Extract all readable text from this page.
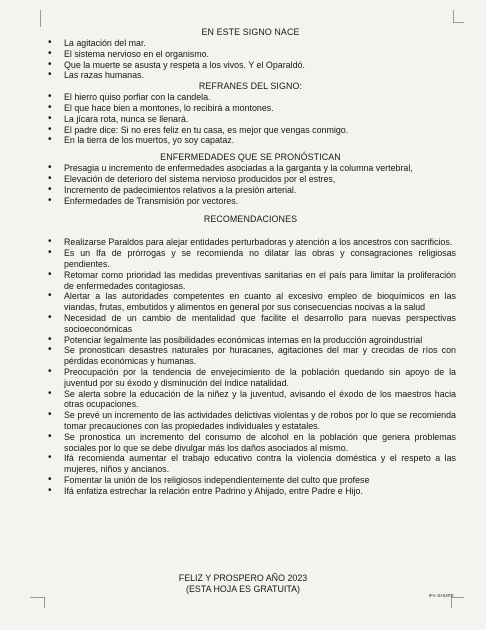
EN ESTE SIGNO NACE
• La agitación del mar.
• El sistema nervioso en el organismo.
• Que la muerte se asusta y respeta a los vivos. Y el Oparaldó.
• Las razas humanas.
REFRANES DEL SIGNO:
• El hierro quiso porfiar con la candela.
• El que hace bien a montones, lo recibirá a montones.
• La jícara rota, nunca se llenará.
• El padre dice: Si no eres feliz en tu casa, es mejor que vengas conmigo.
• En la tierra de los muertos, yo soy capataz.
ENFERMEDADES QUE SE PRONÓSTICAN
• Presagia u incremento de enfermedades asociadas a la garganta y la columna vertebral,
• Elevación de deterioro del sistema nervioso producidos por el estres,
• Incremento de padecimientos relativos a la presión arterial.
• Enfermedades de Transmisión por vectores.
RECOMENDACIONES
• Realizarse Paraldos para alejar entidades perturbadoras y atención a los ancestros con sacrificios.
• Es un Ifa de prórrogas y se recomienda no dilatar las obras y consagraciones religiosas pendientes.
• Retomar como prioridad las medidas preventivas sanitarias en el país para limitar la proliferación de enfermedades contagiosas.
• Alertar a las autoridades competentes en cuanto al excesivo empleo de bioquímicos en las viandas, frutas, embutidos y alimentos en general por sus consecuencias nocivas a la salud
• Necesidad de un cambio de mentalidad que facilite el desarrollo para nuevas perspectivas socioeconómicas
• Potenciar legalmente las posibilidades económicas internas en la producción agroindustrial
• Se pronostican desastres naturales por huracanes, agitaciones del mar y crecidas de ríos con pérdidas económicas y humanas.
• Preocupación por la tendencia de envejecimiento de la población quedando sin apoyo de la juventud por su éxodo y disminución del índice natalidad.
• Se alerta sobre la educación de la niñez y la juventud, avisando el éxodo de los maestros hacia otras ocupaciones.
• Se prevé un incremento de las actividades delictivas violentas y de robos por lo que se recomienda tomar precauciones con las propiedades individuales y estatales.
• Se pronostica un incremento del consumo de alcohol en la población que genera problemas sociales por lo que se debe divulgar más los daños asociados al mismo.
• Ifá recomienda aumentar el trabajo educativo contra la violencia doméstica y el respeto a las mujeres, niños y ancianos.
• Fomentar la unión de los religiosos independientemente del culto que profese
• Ifá enfatiza estrechar la relación entre Padrino y Ahijado, entre Padre e Hijo.
FELIZ Y PROSPERO AÑO 2023
(ESTA HOJA ES GRATUITA)
IFA SHURE
